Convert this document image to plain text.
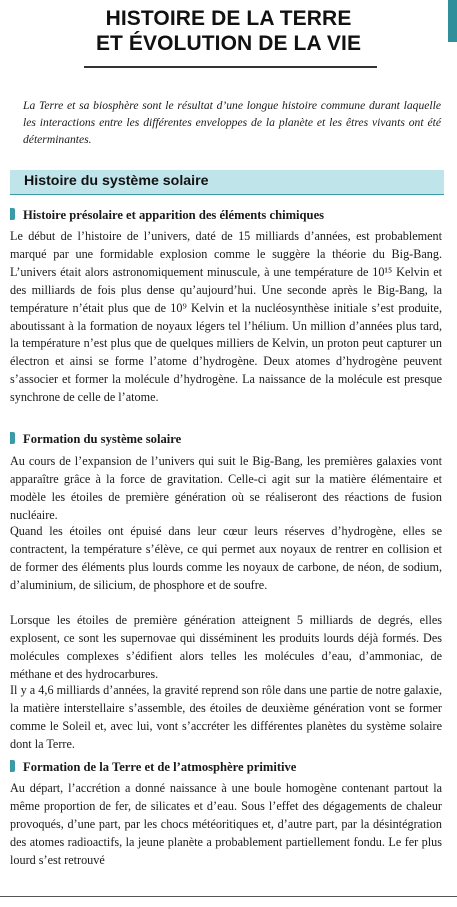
HISTOIRE DE LA TERRE
ET ÉVOLUTION DE LA VIE

La Terre et sa biosphère sont le résultat d’une longue histoire commune durant laquelle les interactions entre les différentes enveloppes de la planète et les êtres vivants ont été déterminantes.

Histoire du système solaire
Histoire présolaire et apparition des éléments chimiques

Le début de l’histoire de l’univers, daté de 15 milliards d’années, est probablement marqué par une formidable explosion comme le suggère la théorie du Big-Bang. L’univers était alors astronomiquement minuscule, à une température de 10¹⁵ Kelvin et des milliards de fois plus dense qu’aujourd’hui. Une seconde après le Big-Bang, la température n’était plus que de 10⁹ Kelvin et la nucléosynthèse initiale s’est produite, aboutissant à la formation de noyaux légers tel l’hélium. Un million d’années plus tard, la température n’est plus que de quelques milliers de Kelvin, un proton peut capturer un électron et ainsi se forme l’atome d’hydrogène. Deux atomes d’hydrogène peuvent s’associer et former la molécule d’hydrogène. La naissance de la molécule est presque synchrone de celle de l’atome.

Formation du système solaire

Au cours de l’expansion de l’univers qui suit le Big-Bang, les premières galaxies vont apparaître grâce à la force de gravitation. Celle-ci agit sur la matière élémentaire et modèle les étoiles de première génération où se réaliseront des réactions de fusion nucléaire.

Quand les étoiles ont épuisé dans leur cœur leurs réserves d’hydrogène, elles se contractent, la température s’élève, ce qui permet aux noyaux de rentrer en collision et de former des éléments plus lourds comme les noyaux de carbone, de néon, de sodium, d’aluminium, de silicium, de phosphore et de soufre.

Lorsque les étoiles de première génération atteignent 5 milliards de degrés, elles explosent, ce sont les supernovae qui disséminent les produits lourds déjà formés. Des molécules complexes s’édifient alors telles les molécules d’eau, d’ammoniac, de méthane et des hydrocarbures.

Il y a 4,6 milliards d’années, la gravité reprend son rôle dans une partie de notre galaxie, la matière interstellaire s’assemble, des étoiles de deuxième génération vont se former comme le Soleil et, avec lui, vont s’accréter les différentes planètes du système solaire dont la Terre.

Formation de la Terre et de l’atmosphère primitive

Au départ, l’accrétion a donné naissance à une boule homogène contenant partout la même proportion de fer, de silicates et d’eau. Sous l’effet des dégagements de chaleur provoqués, d’une part, par les chocs météoritiques et, d’autre part, par la désintégration des atomes radioactifs, la jeune planète a probablement partiellement fondu. Le fer plus lourd s’est retrouvé
